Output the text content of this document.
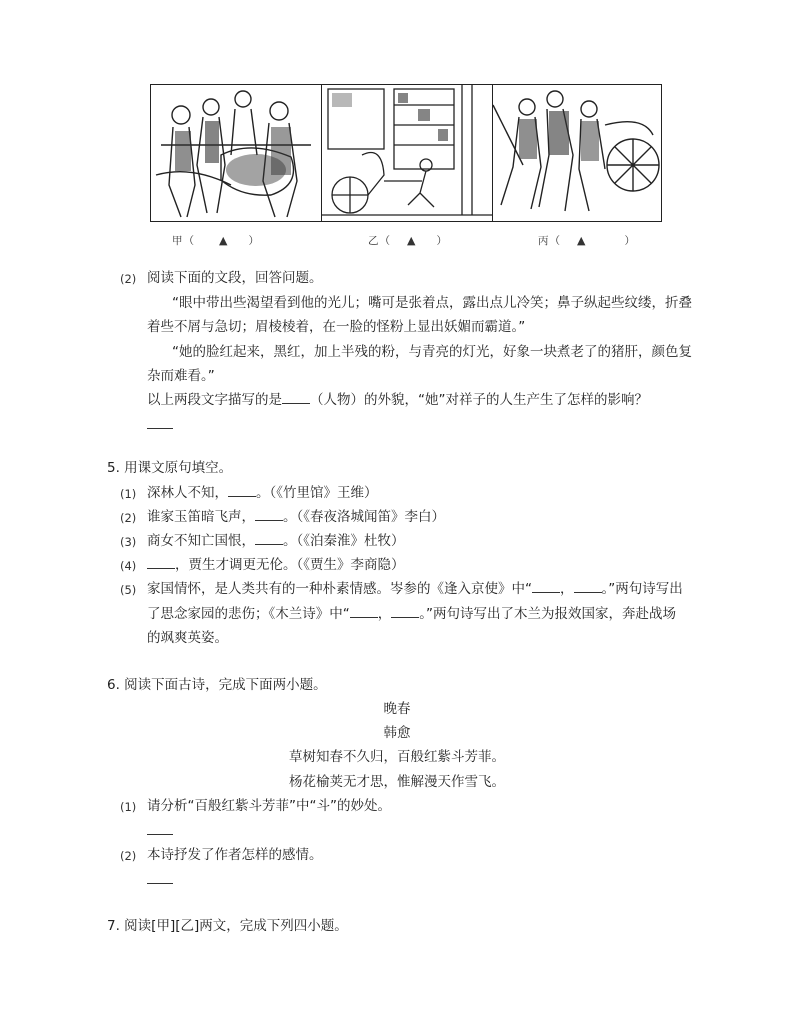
甲（ ▲ ）	乙（ ▲ ）	丙（ ▲	）
(2) 阅读下面的文段，回答问题。
“眼中带出些渴望看到他的光儿；嘴可是张着点，露出点儿冷笑；鼻子纵起些纹缕，折叠
着些不屑与急切；眉棱棱着，在一脸的怪粉上显出妖媚而霸道。”
“她的脸红起来，黑红，加上半残的粉，与青亮的灯光，好象一块煮老了的猪肝，颜色复
杂而难看。”
以上两段文字描写的是 （人物）的外貌，“她”对祥子的人生产生了怎样的影响？
5. 用课文原句填空。
(1) 深林人不知， 。（《竹里馆》王维）
(2) 谁家玉笛暗飞声， 。（《春夜洛城闻笛》李白）
(3) 商女不知亡国恨， 。（《泊秦淮》杜牧）
(4)	，贾生才调更无伦。（《贾生》李商隐）
(5) 家国情怀，是人类共有的一种朴素情感。岑参的《逢入京使》中“ ， 。”两句诗写出
了思念家园的悲伤；《木兰诗》中“ ， 。”两句诗写出了木兰为报效国家，奔赴战场
的飒爽英姿。
6. 阅读下面古诗，完成下面两小题。
晚春
韩愈
草树知春不久归，百般红紫斗芳菲。
杨花榆荚无才思，惟解漫天作雪飞。
(1) 请分析“百般红紫斗芳菲”中“斗”的妙处。
(2) 本诗抒发了作者怎样的感情。
7. 阅读[甲][乙]两文，完成下列四小题。
